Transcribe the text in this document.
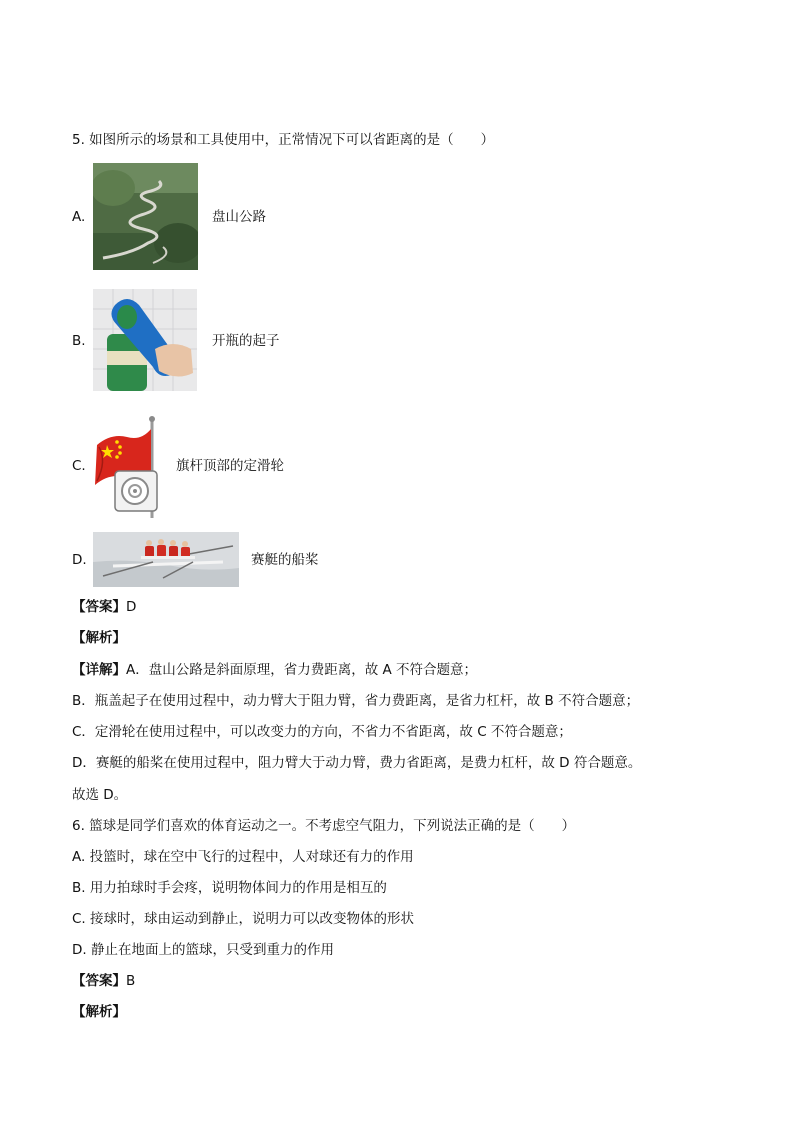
5. 如图所示的场景和工具使用中，正常情况下可以省距离的是（　　）
A.	盘山公路
B.	开瓶的起子
C.	旗杆顶部的定滑轮
D.	赛艇的船桨
【答案】D
【解析】
【详解】A．盘山公路是斜面原理，省力费距离，故 A 不符合题意；
B．瓶盖起子在使用过程中，动力臂大于阻力臂，省力费距离，是省力杠杆，故 B 不符合题意；
C．定滑轮在使用过程中，可以改变力的方向，不省力不省距离，故 C 不符合题意；
D．赛艇的船桨在使用过程中，阻力臂大于动力臂，费力省距离，是费力杠杆，故 D 符合题意。
故选 D。
6. 篮球是同学们喜欢的体育运动之一。不考虑空气阻力，下列说法正确的是（　　）
A. 投篮时，球在空中飞行的过程中，人对球还有力的作用
B. 用力拍球时手会疼，说明物体间力的作用是相互的
C. 接球时，球由运动到静止，说明力可以改变物体的形状
D. 静止在地面上的篮球，只受到重力的作用
【答案】B
【解析】
